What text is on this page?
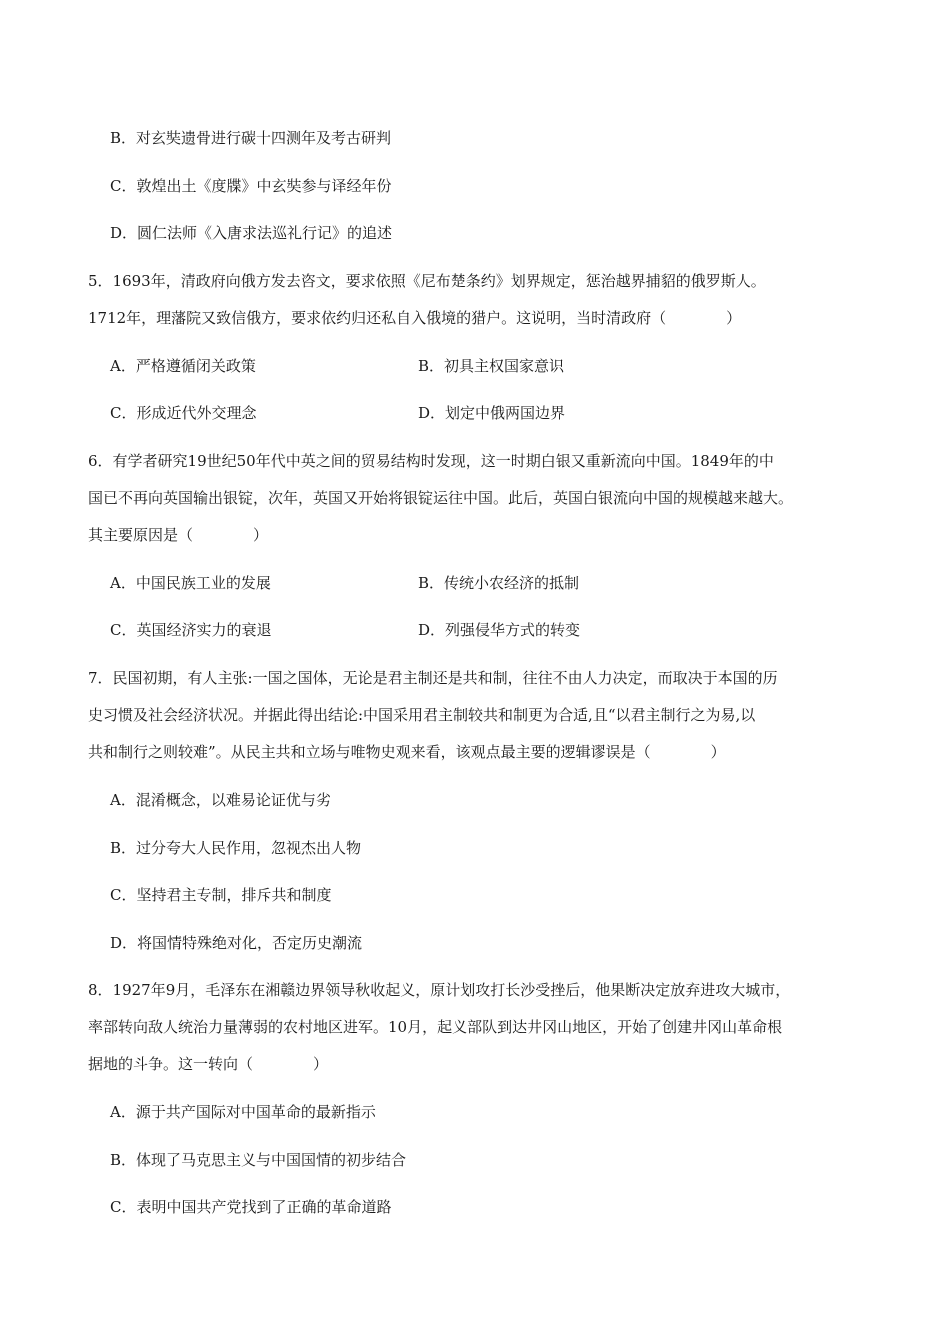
B．对玄奘遗骨进行碳十四测年及考古研判
C．敦煌出土《度牒》中玄奘参与译经年份
D．圆仁法师《入唐求法巡礼行记》的追述
5．1693年，清政府向俄方发去咨文，要求依照《尼布楚条约》划界规定，惩治越界捕貂的俄罗斯人。
1712年，理藩院又致信俄方，要求依约归还私自入俄境的猎户。这说明，当时清政府（　　　　）
A．严格遵循闭关政策	B．初具主权国家意识
C．形成近代外交理念	D．划定中俄两国边界
6．有学者研究19世纪50年代中英之间的贸易结构时发现，这一时期白银又重新流向中国。1849年的中
国已不再向英国输出银锭，次年，英国又开始将银锭运往中国。此后，英国白银流向中国的规模越来越大。
其主要原因是（　　　　）
A．中国民族工业的发展	B．传统小农经济的抵制
C．英国经济实力的衰退	D．列强侵华方式的转变
7．民国初期，有人主张:一国之国体，无论是君主制还是共和制，往往不由人力决定，而取决于本国的历
史习惯及社会经济状况。并据此得出结论:中国采用君主制较共和制更为合适,且“以君主制行之为易,以
共和制行之则较难”。从民主共和立场与唯物史观来看，该观点最主要的逻辑谬误是（　　　　）
A．混淆概念，以难易论证优与劣
B．过分夸大人民作用，忽视杰出人物
C．坚持君主专制，排斥共和制度
D．将国情特殊绝对化，否定历史潮流
8．1927年9月，毛泽东在湘赣边界领导秋收起义，原计划攻打长沙受挫后，他果断决定放弃进攻大城市，
率部转向敌人统治力量薄弱的农村地区进军。10月，起义部队到达井冈山地区，开始了创建井冈山革命根
据地的斗争。这一转向（　　　　）
A．源于共产国际对中国革命的最新指示
B．体现了马克思主义与中国国情的初步结合
C．表明中国共产党找到了正确的革命道路
